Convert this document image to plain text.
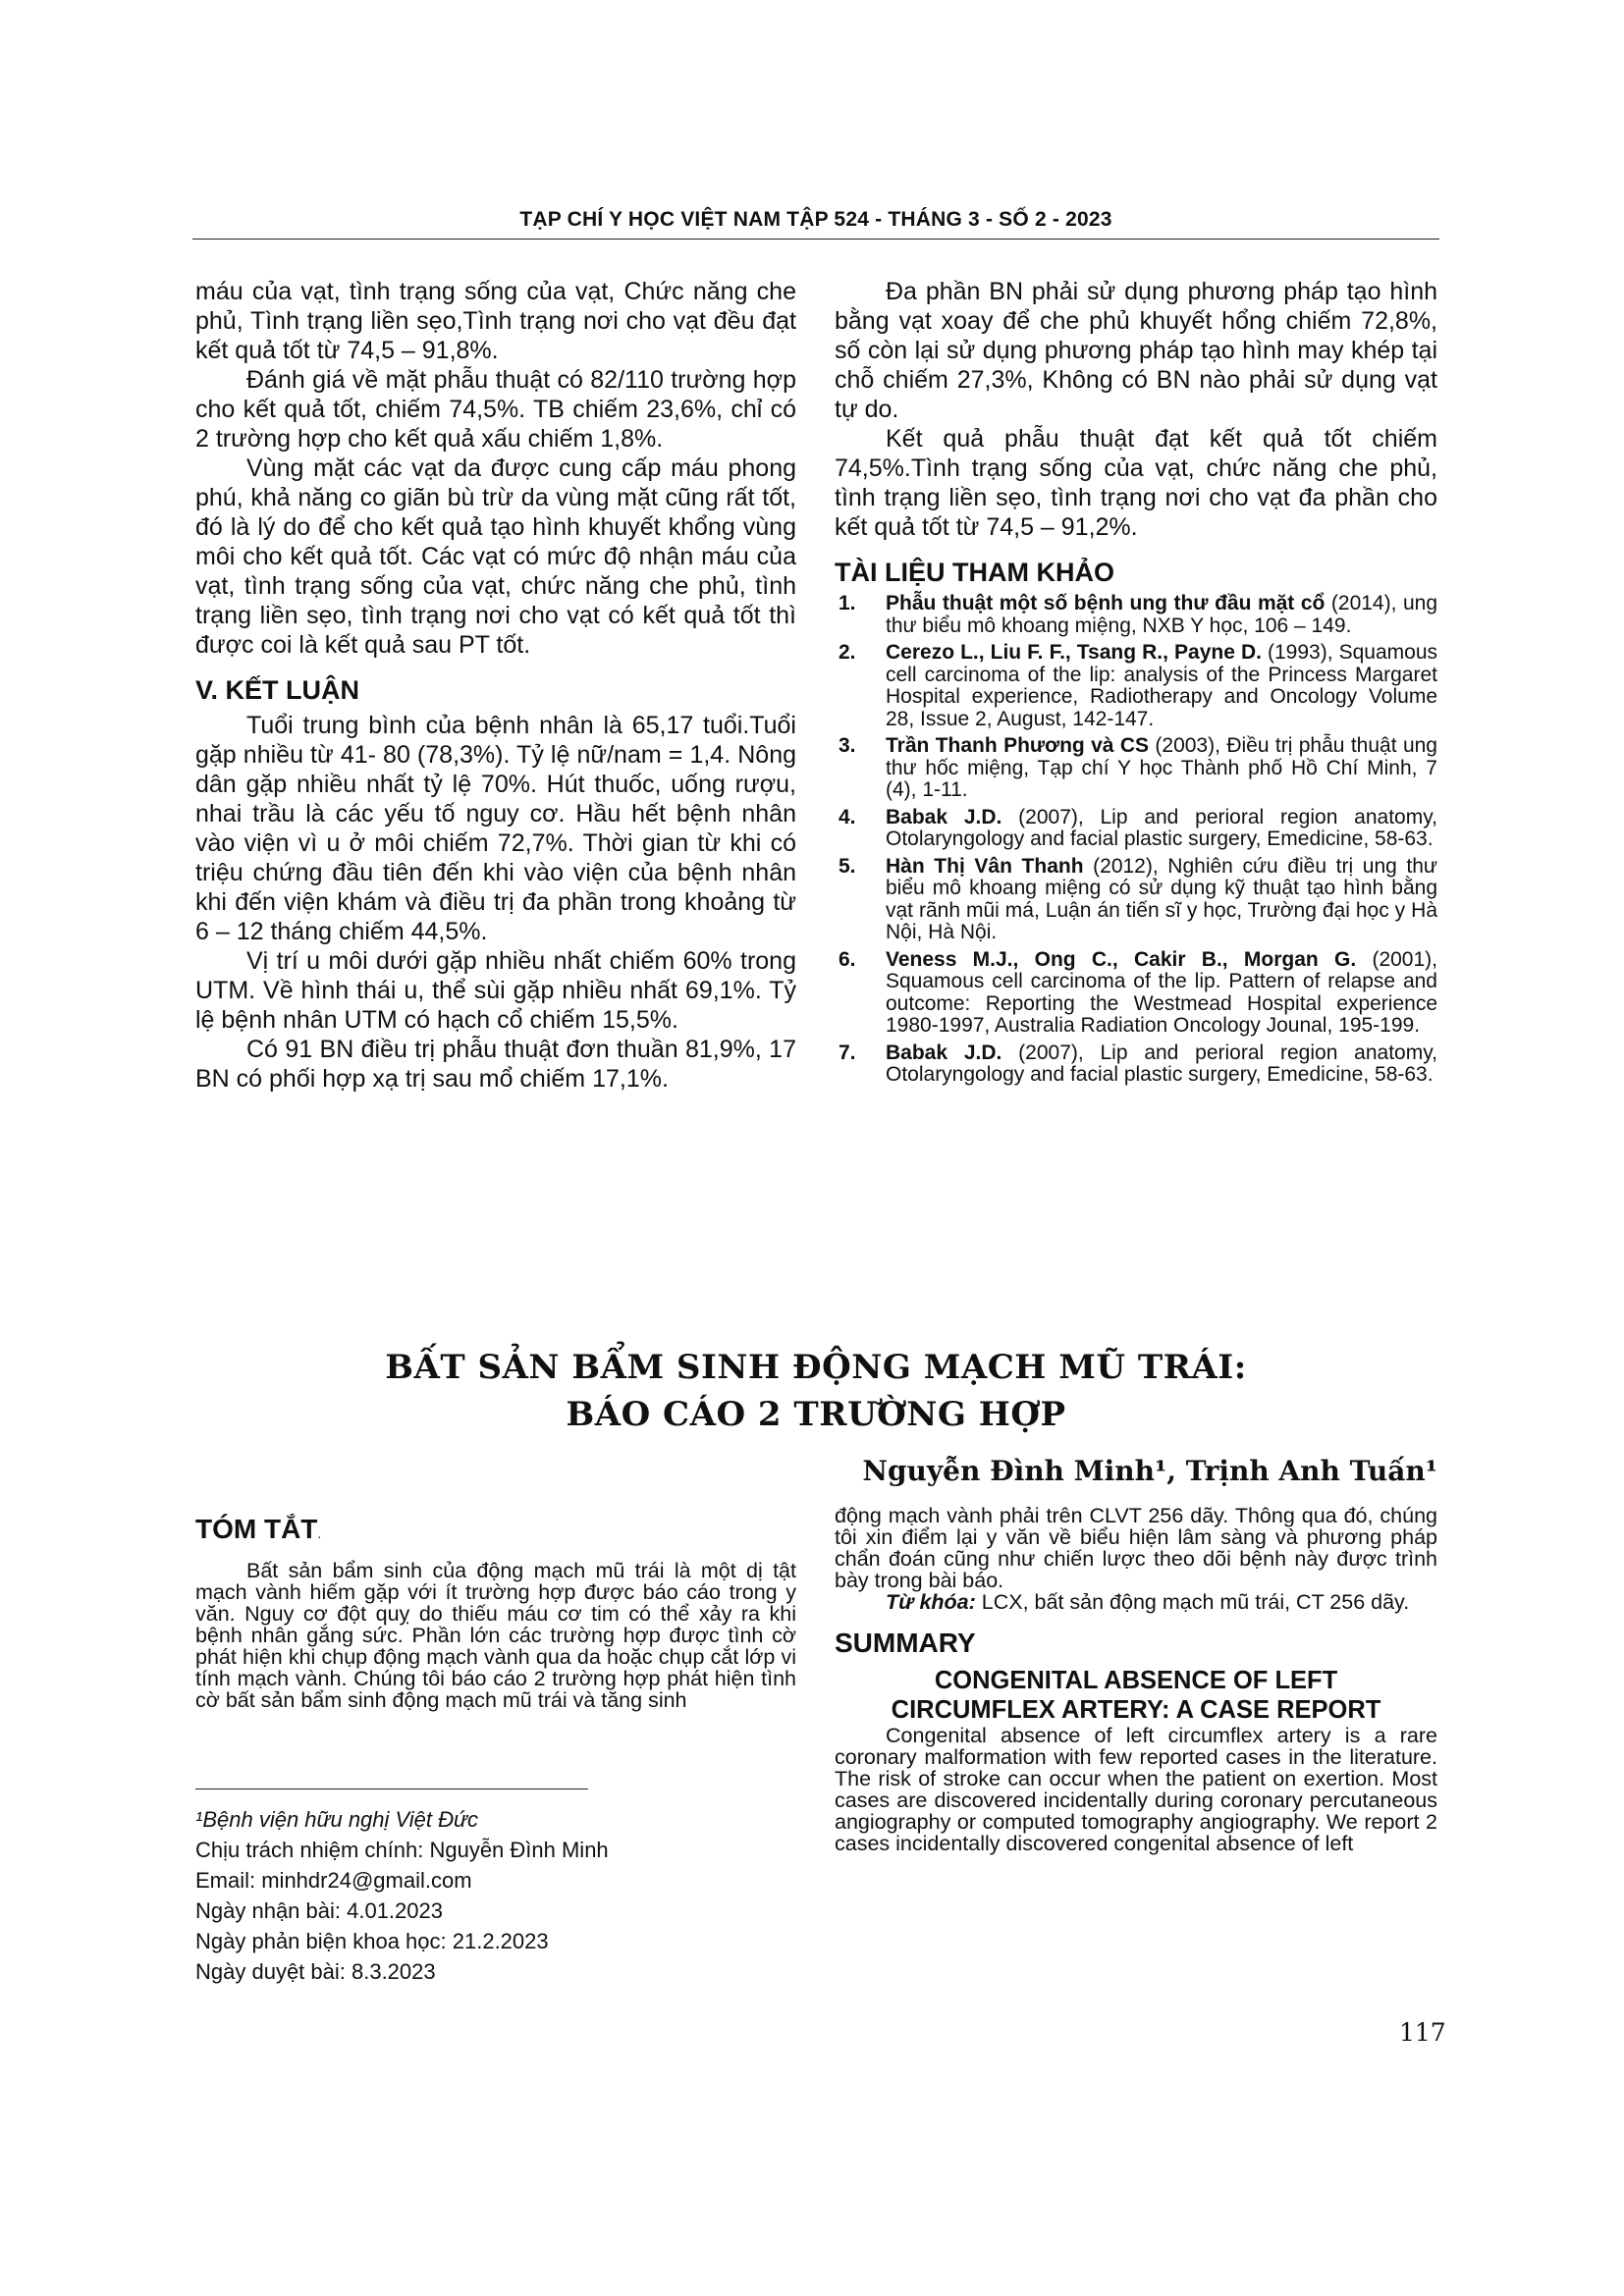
TẠP CHÍ Y HỌC VIỆT NAM TẬP 524 - THÁNG 3 - SỐ 2 - 2023

máu của vạt, tình trạng sống của vạt, Chức năng che phủ, Tình trạng liền sẹo,Tình trạng nơi cho vạt đều đạt kết quả tốt từ 74,5 – 91,8%.

Đánh giá về mặt phẫu thuật có 82/110 trường hợp cho kết quả tốt, chiếm 74,5%. TB chiếm 23,6%, chỉ có 2 trường hợp cho kết quả xấu chiếm 1,8%.

Vùng mặt các vạt da được cung cấp máu phong phú, khả năng co giãn bù trừ da vùng mặt cũng rất tốt, đó là lý do để cho kết quả tạo hình khuyết khổng vùng môi cho kết quả tốt. Các vạt có mức độ nhận máu của vạt, tình trạng sống của vạt, chức năng che phủ, tình trạng liền sẹo, tình trạng nơi cho vạt có kết quả tốt thì được coi là kết quả sau PT tốt.

V. KẾT LUẬN

Tuổi trung bình của bệnh nhân là 65,17 tuổi.Tuổi gặp nhiều từ 41- 80 (78,3%). Tỷ lệ nữ/nam = 1,4. Nông dân gặp nhiều nhất tỷ lệ 70%. Hút thuốc, uống rượu, nhai trầu là các yếu tố nguy cơ. Hầu hết bệnh nhân vào viện vì u ở môi chiếm 72,7%. Thời gian từ khi có triệu chứng đầu tiên đến khi vào viện của bệnh nhân khi đến viện khám và điều trị đa phần trong khoảng từ 6 – 12 tháng chiếm 44,5%.

Vị trí u môi dưới gặp nhiều nhất chiếm 60% trong UTM. Về hình thái u, thể sùi gặp nhiều nhất 69,1%. Tỷ lệ bệnh nhân UTM có hạch cổ chiếm 15,5%.

Có 91 BN điều trị phẫu thuật đơn thuần 81,9%, 17 BN có phối hợp xạ trị sau mổ chiếm 17,1%.

Đa phần BN phải sử dụng phương pháp tạo hình bằng vạt xoay để che phủ khuyết hổng chiếm 72,8%, số còn lại sử dụng phương pháp tạo hình may khép tại chỗ chiếm 27,3%, Không có BN nào phải sử dụng vạt tự do.

Kết quả phẫu thuật đạt kết quả tốt chiếm 74,5%.Tình trạng sống của vạt, chức năng che phủ, tình trạng liền sẹo, tình trạng nơi cho vạt đa phần cho kết quả tốt từ 74,5 – 91,2%.

TÀI LIỆU THAM KHẢO

1.	Phẫu thuật một số bệnh ung thư đầu mặt cổ (2014), ung thư biểu mô khoang miệng, NXB Y học, 106 – 149.
2.	Cerezo L., Liu F. F., Tsang R., Payne D. (1993), Squamous cell carcinoma of the lip: analysis of the Princess Margaret Hospital experience, Radiotherapy and Oncology Volume 28, Issue 2, August, 142-147.
3.	Trần Thanh Phương và CS (2003), Điều trị phẫu thuật ung thư hốc miệng, Tạp chí Y học Thành phố Hồ Chí Minh, 7 (4), 1-11.
4.	Babak J.D. (2007), Lip and perioral region anatomy, Otolaryngology and facial plastic surgery, Emedicine, 58-63.
5.	Hàn Thị Vân Thanh (2012), Nghiên cứu điều trị ung thư biểu mô khoang miệng có sử dụng kỹ thuật tạo hình bằng vạt rãnh mũi má, Luận án tiến sĩ y học, Trường đại học y Hà Nội, Hà Nội.
6.	Veness M.J., Ong C., Cakir B., Morgan G. (2001), Squamous cell carcinoma of the lip. Pattern of relapse and outcome: Reporting the Westmead Hospital experience 1980-1997, Australia Radiation Oncology Jounal, 195-199.
7.	Babak J.D. (2007), Lip and perioral region anatomy, Otolaryngology and facial plastic surgery, Emedicine, 58-63.
BẤT SẢN BẨM SINH ĐỘNG MẠCH MŨ TRÁI:
BÁO CÁO 2 TRƯỜNG HỢP
Nguyễn Đình Minh¹, Trịnh Anh Tuấn¹

TÓM TẮT.

Bất sản bẩm sinh của động mạch mũ trái là một dị tật mạch vành hiếm gặp với ít trường hợp được báo cáo trong y văn. Nguy cơ đột quỵ do thiếu máu cơ tim có thể xảy ra khi bệnh nhân gắng sức. Phần lớn các trường hợp được tình cờ phát hiện khi chụp động mạch vành qua da hoặc chụp cắt lớp vi tính mạch vành. Chúng tôi báo cáo 2 trường hợp phát hiện tình cờ bất sản bẩm sinh động mạch mũ trái và tăng sinh

¹Bệnh viện hữu nghị Việt Đức

Chịu trách nhiệm chính: Nguyễn Đình Minh

Email: minhdr24@gmail.com

Ngày nhận bài: 4.01.2023

Ngày phản biện khoa học: 21.2.2023

Ngày duyệt bài: 8.3.2023

động mạch vành phải trên CLVT 256 dãy. Thông qua đó, chúng tôi xin điểm lại y văn về biểu hiện lâm sàng và phương pháp chẩn đoán cũng như chiến lược theo dõi bệnh này được trình bày trong bài báo.

Từ khóa: LCX, bất sản động mạch mũ trái, CT 256 dãy.

SUMMARY

CONGENITAL ABSENCE OF LEFT

CIRCUMFLEX ARTERY: A CASE REPORT

Congenital absence of left circumflex artery is a rare coronary malformation with few reported cases in the literature. The risk of stroke can occur when the patient on exertion. Most cases are discovered incidentally during coronary percutaneous angiography or computed tomography angiography. We report 2 cases incidentally discovered congenital absence of left

117
